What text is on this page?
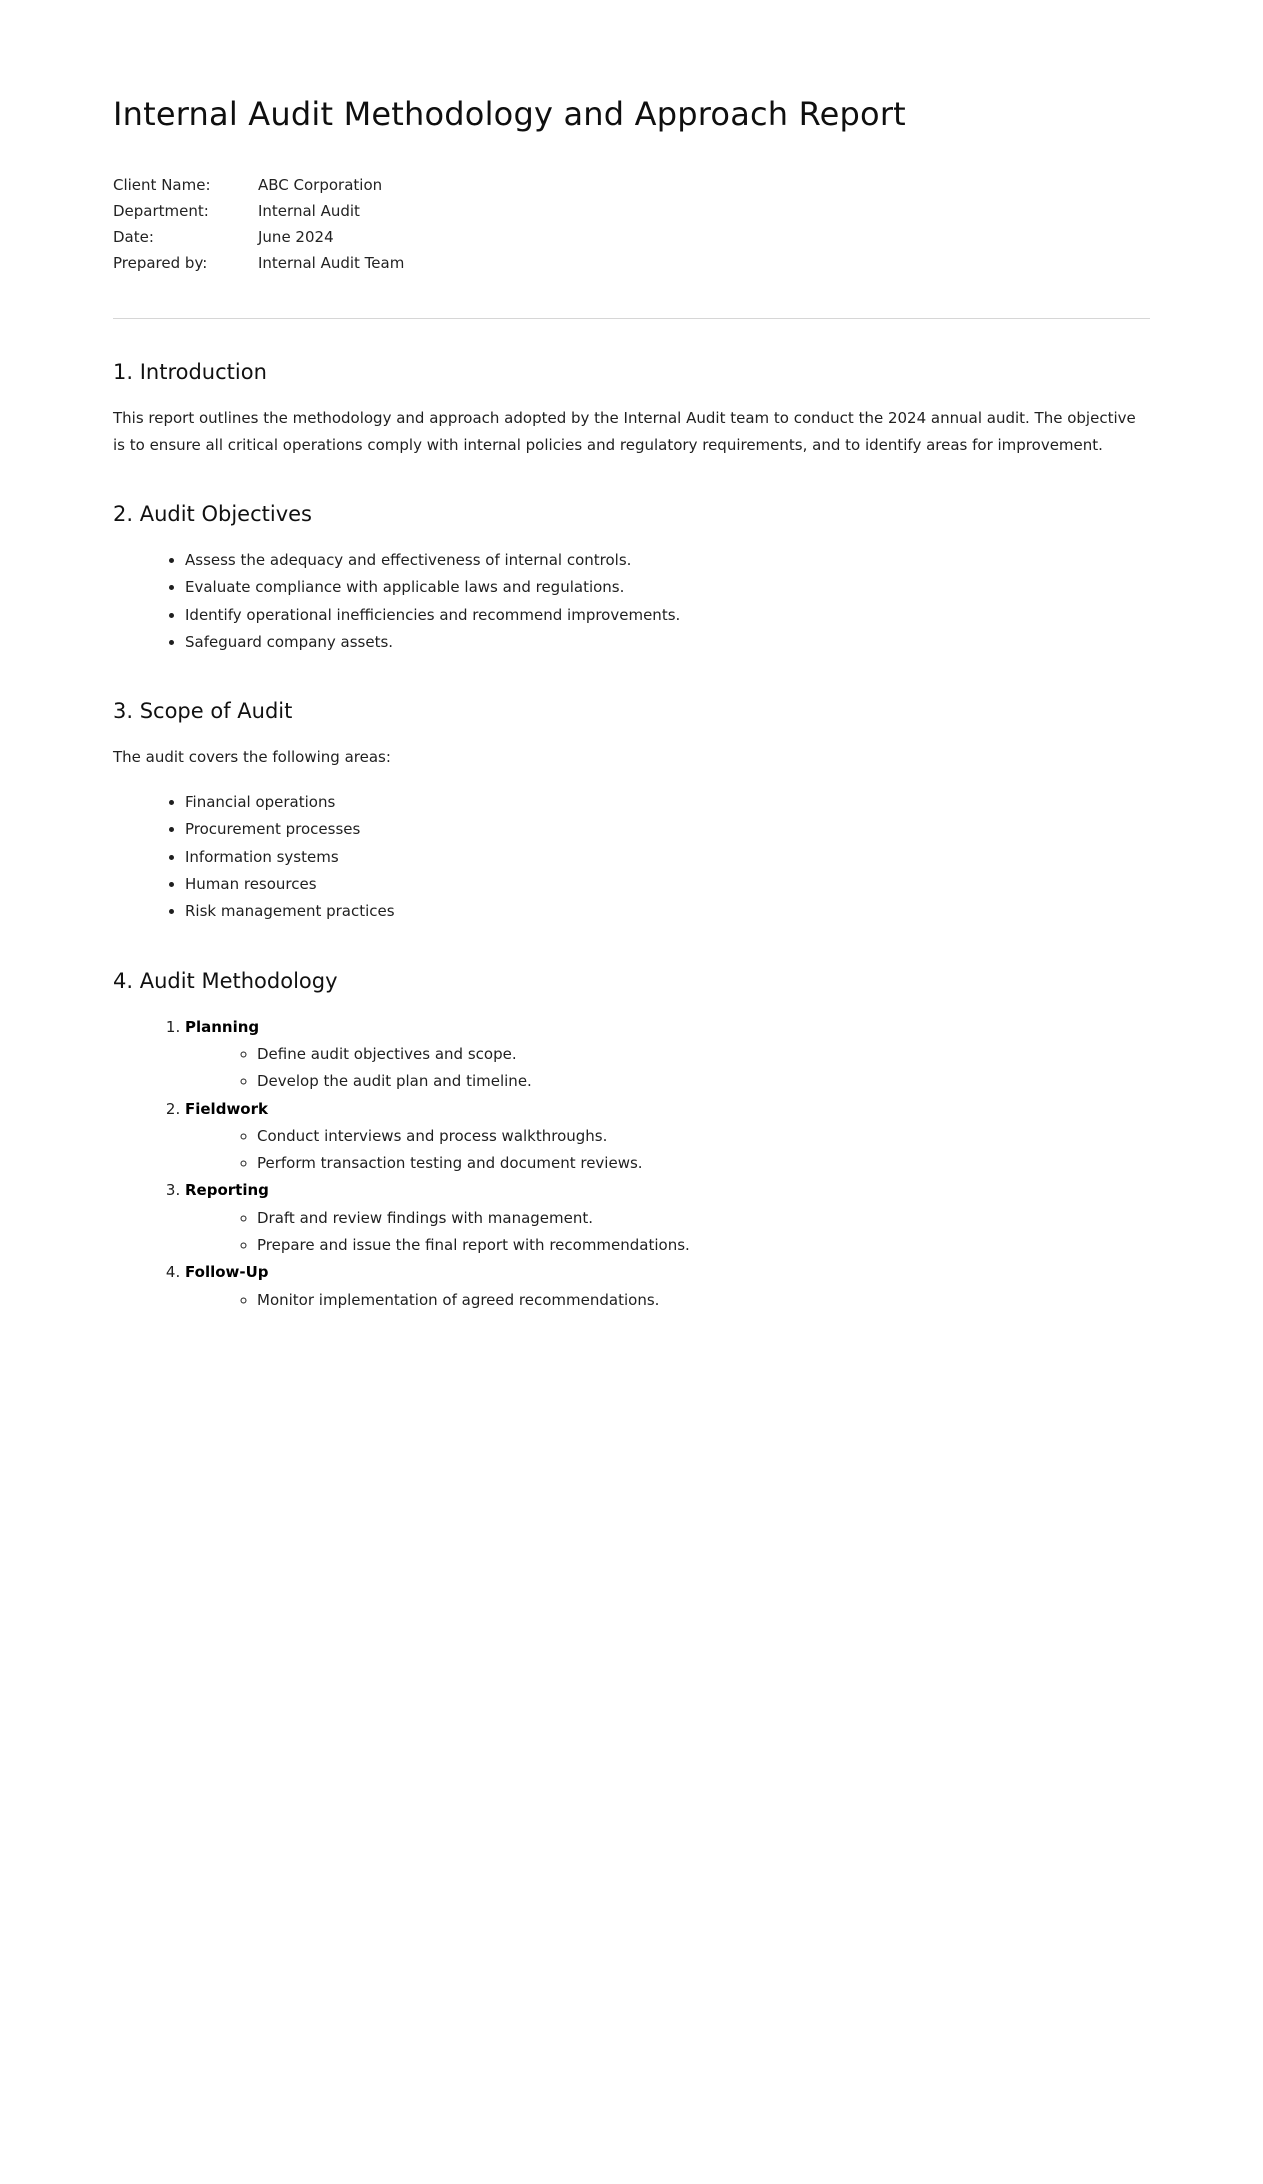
Internal Audit Methodology and Approach Report
Client Name:	ABC Corporation
Department:	Internal Audit
Date:	June 2024
Prepared by:	Internal Audit Team
1. Introduction

This report outlines the methodology and approach adopted by the Internal Audit team to conduct the 2024 annual audit. The objective is to ensure all critical operations comply with internal policies and regulatory requirements, and to identify areas for improvement.

2. Audit Objectives
• Assess the adequacy and effectiveness of internal controls.
• Evaluate compliance with applicable laws and regulations.
• Identify operational inefficiencies and recommend improvements.
• Safeguard company assets.
3. Scope of Audit

The audit covers the following areas:

• Financial operations
• Procurement processes
• Information systems
• Human resources
• Risk management practices
4. Audit Methodology
1. Planning
◦ Define audit objectives and scope.
◦ Develop the audit plan and timeline.
2. Fieldwork
◦ Conduct interviews and process walkthroughs.
◦ Perform transaction testing and document reviews.
3. Reporting
◦ Draft and review findings with management.
◦ Prepare and issue the final report with recommendations.
4. Follow-Up
◦ Monitor implementation of agreed recommendations.
